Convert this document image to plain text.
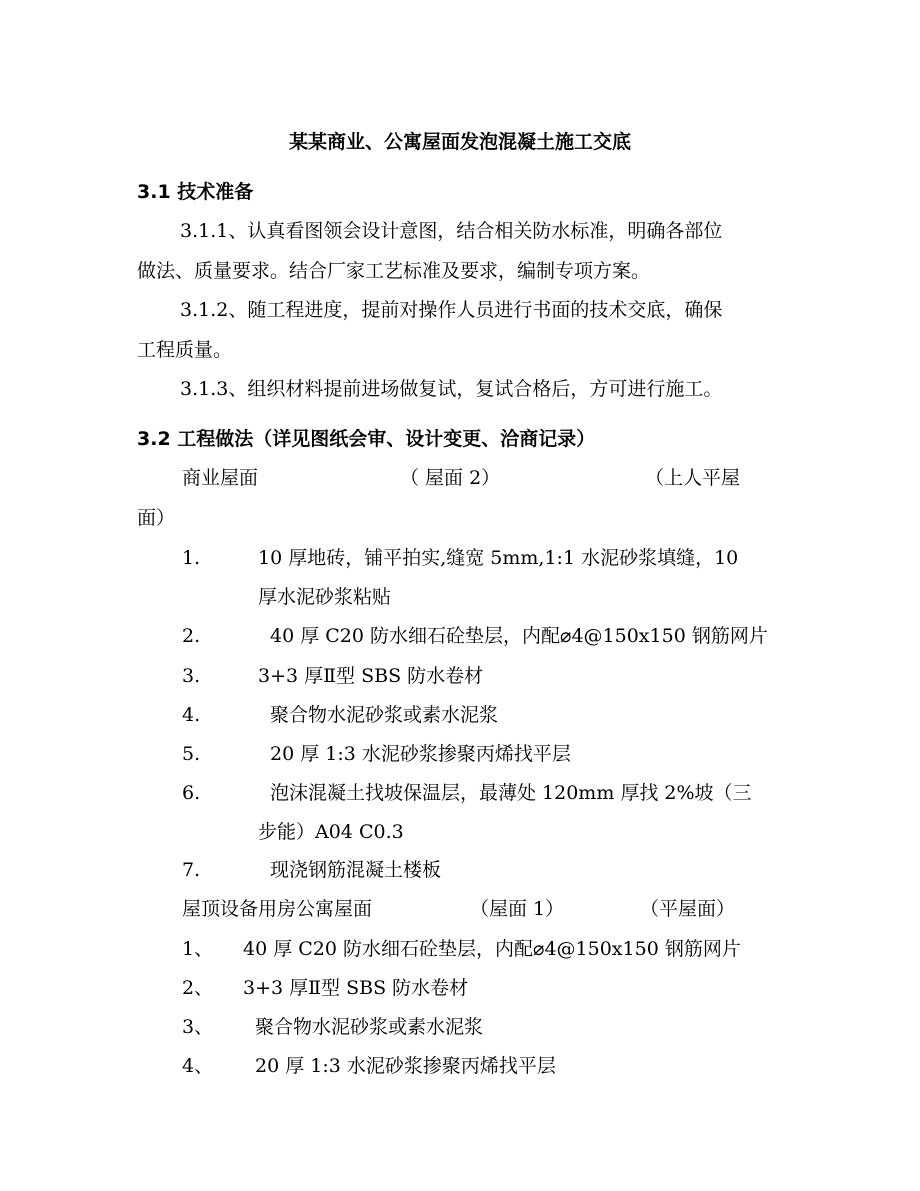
某某商业、公寓屋面发泡混凝土施工交底
3.1 技术准备
3.1.1、认真看图领会设计意图，结合相关防水标准，明确各部位
做法、质量要求。结合厂家工艺标准及要求，编制专项方案。
3.1.2、随工程进度，提前对操作人员进行书面的技术交底，确保
工程质量。
3.1.3、组织材料提前进场做复试，复试合格后，方可进行施工。
3.2 工程做法（详见图纸会审、设计变更、洽商记录）
商业屋面	（ 屋面 2）	（上人平屋
面）
1.	10 厚地砖，铺平拍实,缝宽 5mm,1:1 水泥砂浆填缝，10
厚水泥砂浆粘贴
2.	40 厚 C20 防水细石砼垫层，内配⌀4@150x150 钢筋网片
3.	3+3 厚Ⅱ型 SBS 防水卷材
4.	聚合物水泥砂浆或素水泥浆
5.	20 厚 1:3 水泥砂浆掺聚丙烯找平层
6.	泡沫混凝土找坡保温层，最薄处 120mm 厚找 2%坡（三
步能）A04 C0.3
7.	现浇钢筋混凝土楼板
屋顶设备用房公寓屋面	（屋面 1）	（平屋面）
1、 40 厚 C20 防水细石砼垫层，内配⌀4@150x150 钢筋网片
2、 3+3 厚Ⅱ型 SBS 防水卷材
3、 聚合物水泥砂浆或素水泥浆
4、 20 厚 1:3 水泥砂浆掺聚丙烯找平层
